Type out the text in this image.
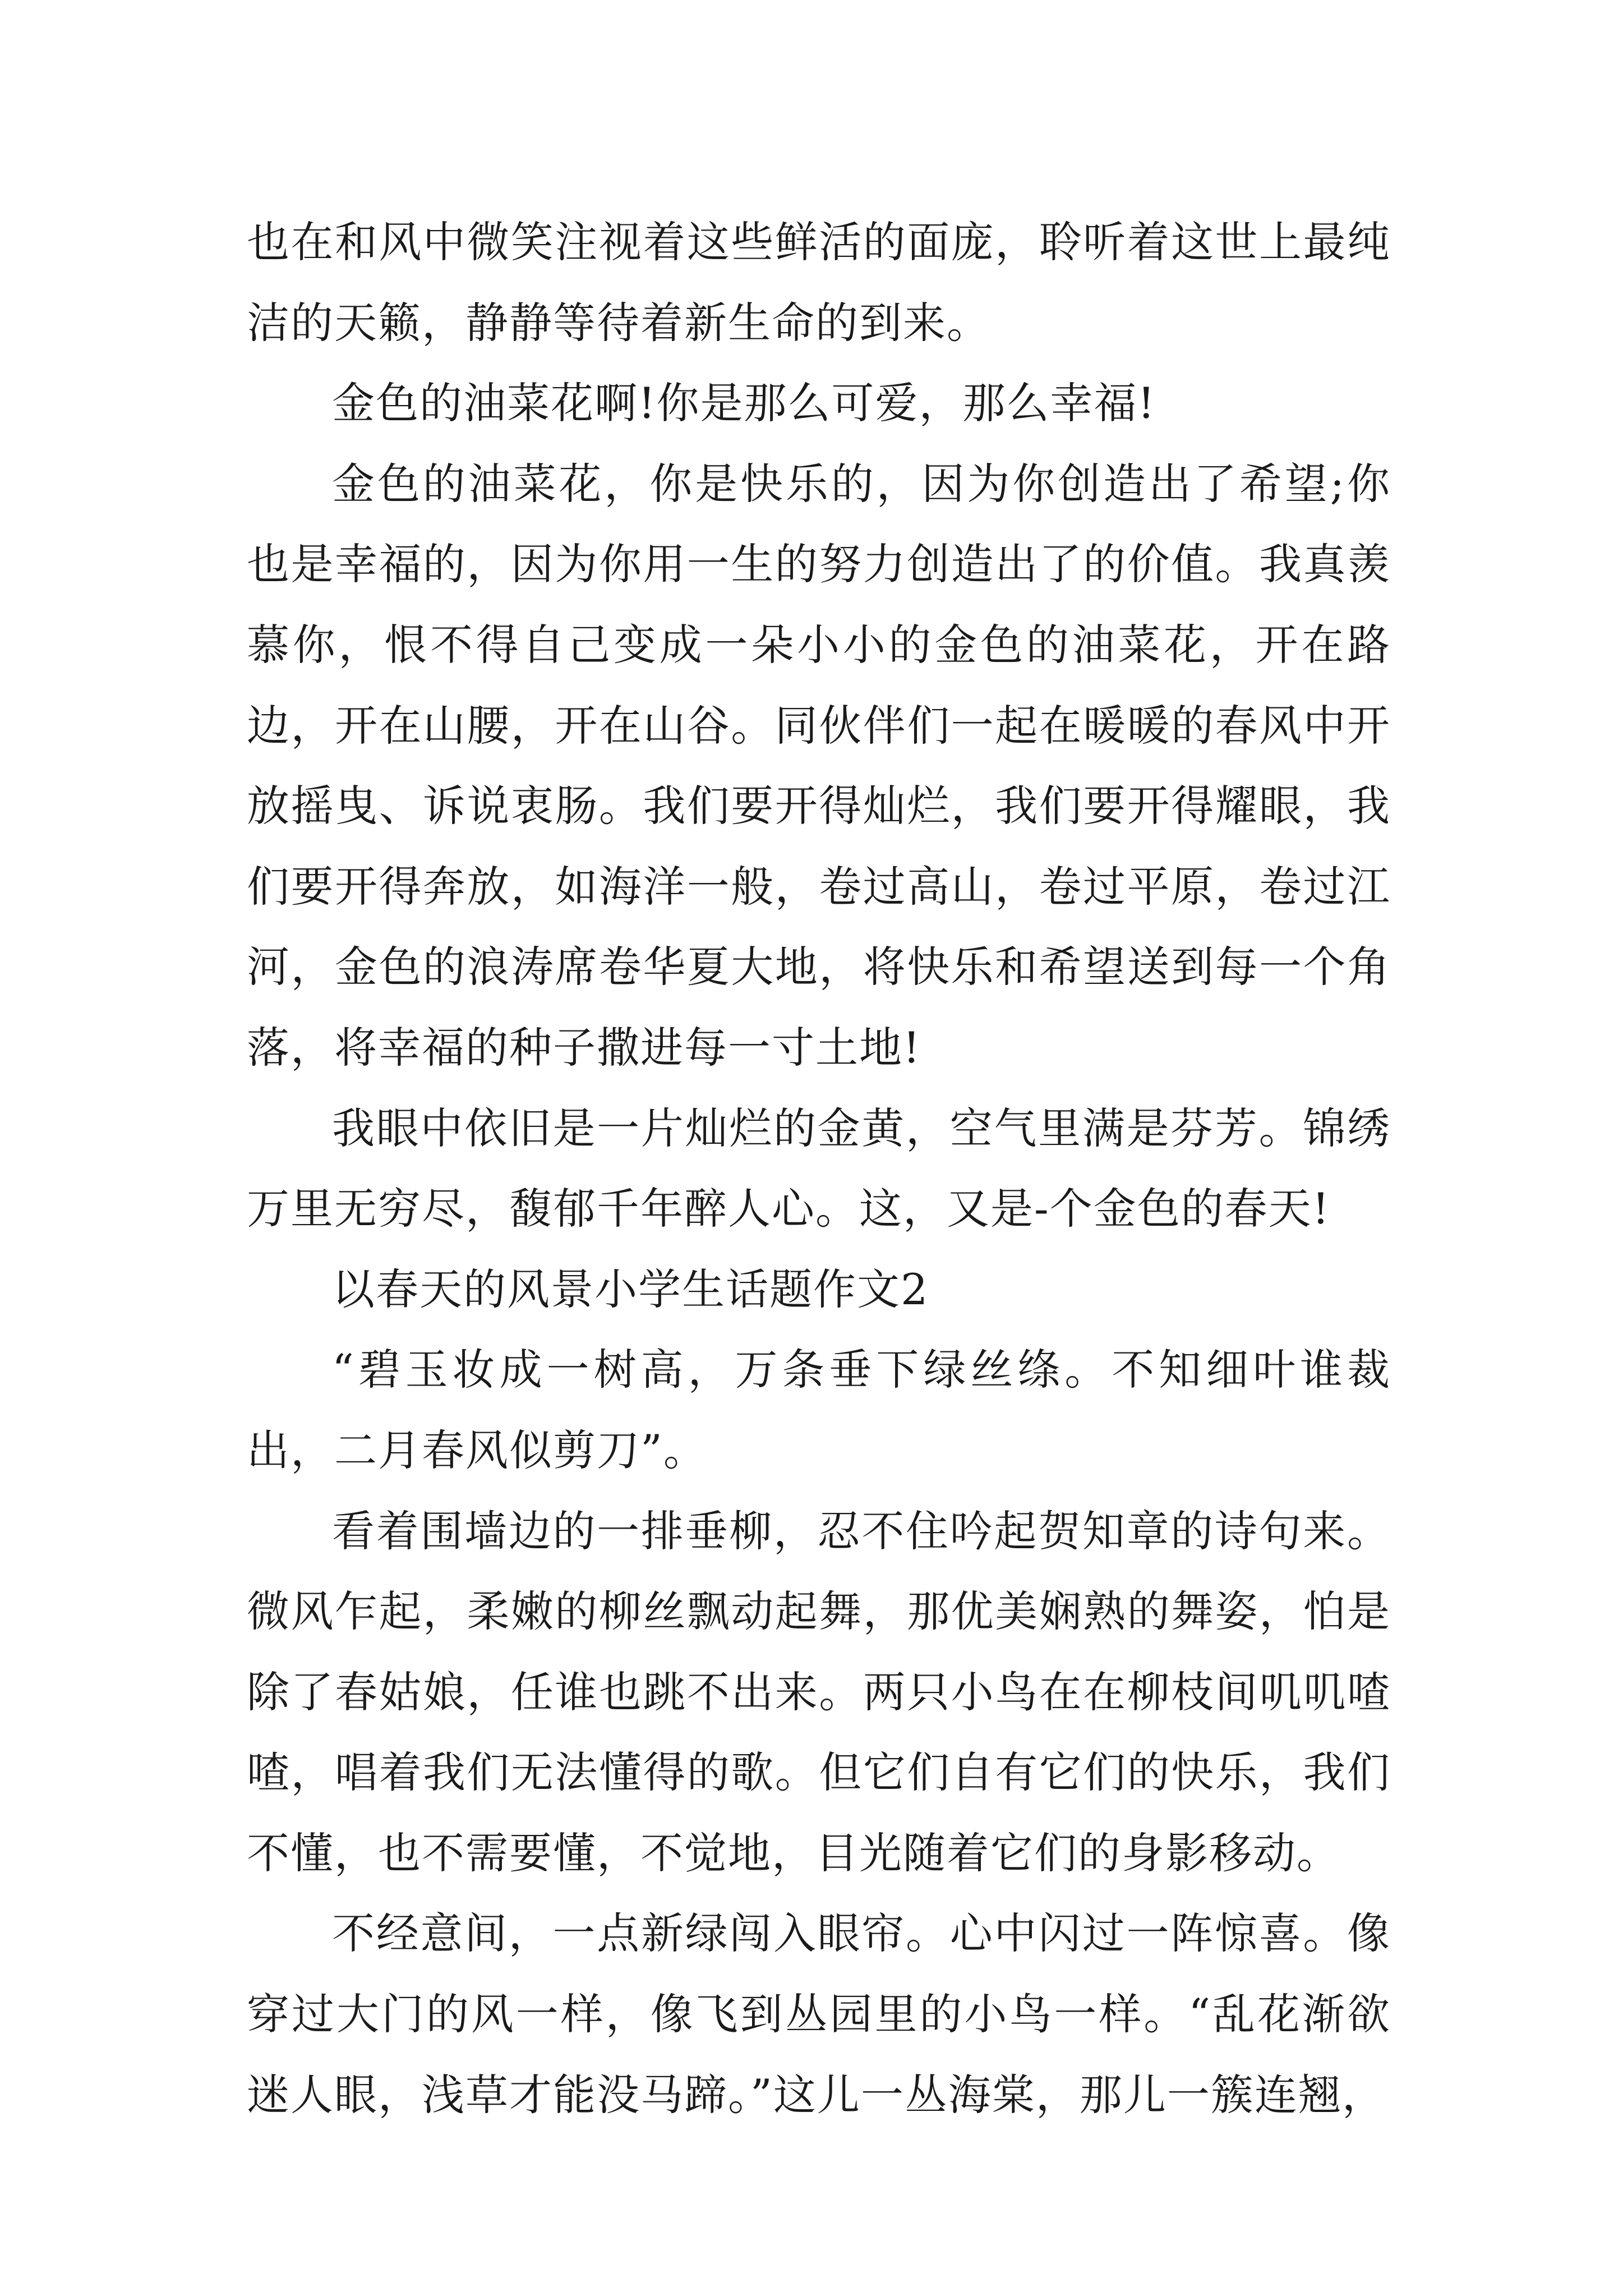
也在和风中微笑注视着这些鲜活的面庞，聆听着这世上最纯洁的天籁，静静等待着新生命的到来。

金色的油菜花啊!你是那么可爱，那么幸福!

金色的油菜花，你是快乐的，因为你创造出了希望;你也是幸福的，因为你用一生的努力创造出了的价值。我真羡慕你，恨不得自己变成一朵小小的金色的油菜花，开在路边，开在山腰，开在山谷。同伙伴们一起在暖暖的春风中开放摇曳、诉说衷肠。我们要开得灿烂，我们要开得耀眼，我们要开得奔放，如海洋一般，卷过高山，卷过平原，卷过江河，金色的浪涛席卷华夏大地，将快乐和希望送到每一个角落，将幸福的种子撒进每一寸土地!

我眼中依旧是一片灿烂的金黄，空气里满是芬芳。锦绣万里无穷尽，馥郁千年醉人心。这，又是-个金色的春天!

以春天的风景小学生话题作文2

“碧玉妆成一树高，万条垂下绿丝绦。不知细叶谁裁出，二月春风似剪刀”。

看着围墙边的一排垂柳，忍不住吟起贺知章的诗句来。微风乍起，柔嫩的柳丝飘动起舞，那优美娴熟的舞姿，怕是除了春姑娘，任谁也跳不出来。两只小鸟在在柳枝间叽叽喳喳，唱着我们无法懂得的歌。但它们自有它们的快乐，我们不懂，也不需要懂，不觉地，目光随着它们的身影移动。

不经意间，一点新绿闯入眼帘。心中闪过一阵惊喜。像穿过大门的风一样，像飞到丛园里的小鸟一样。“乱花渐欲迷人眼，浅草才能没马蹄。”这儿一丛海棠，那儿一簇连翘，
